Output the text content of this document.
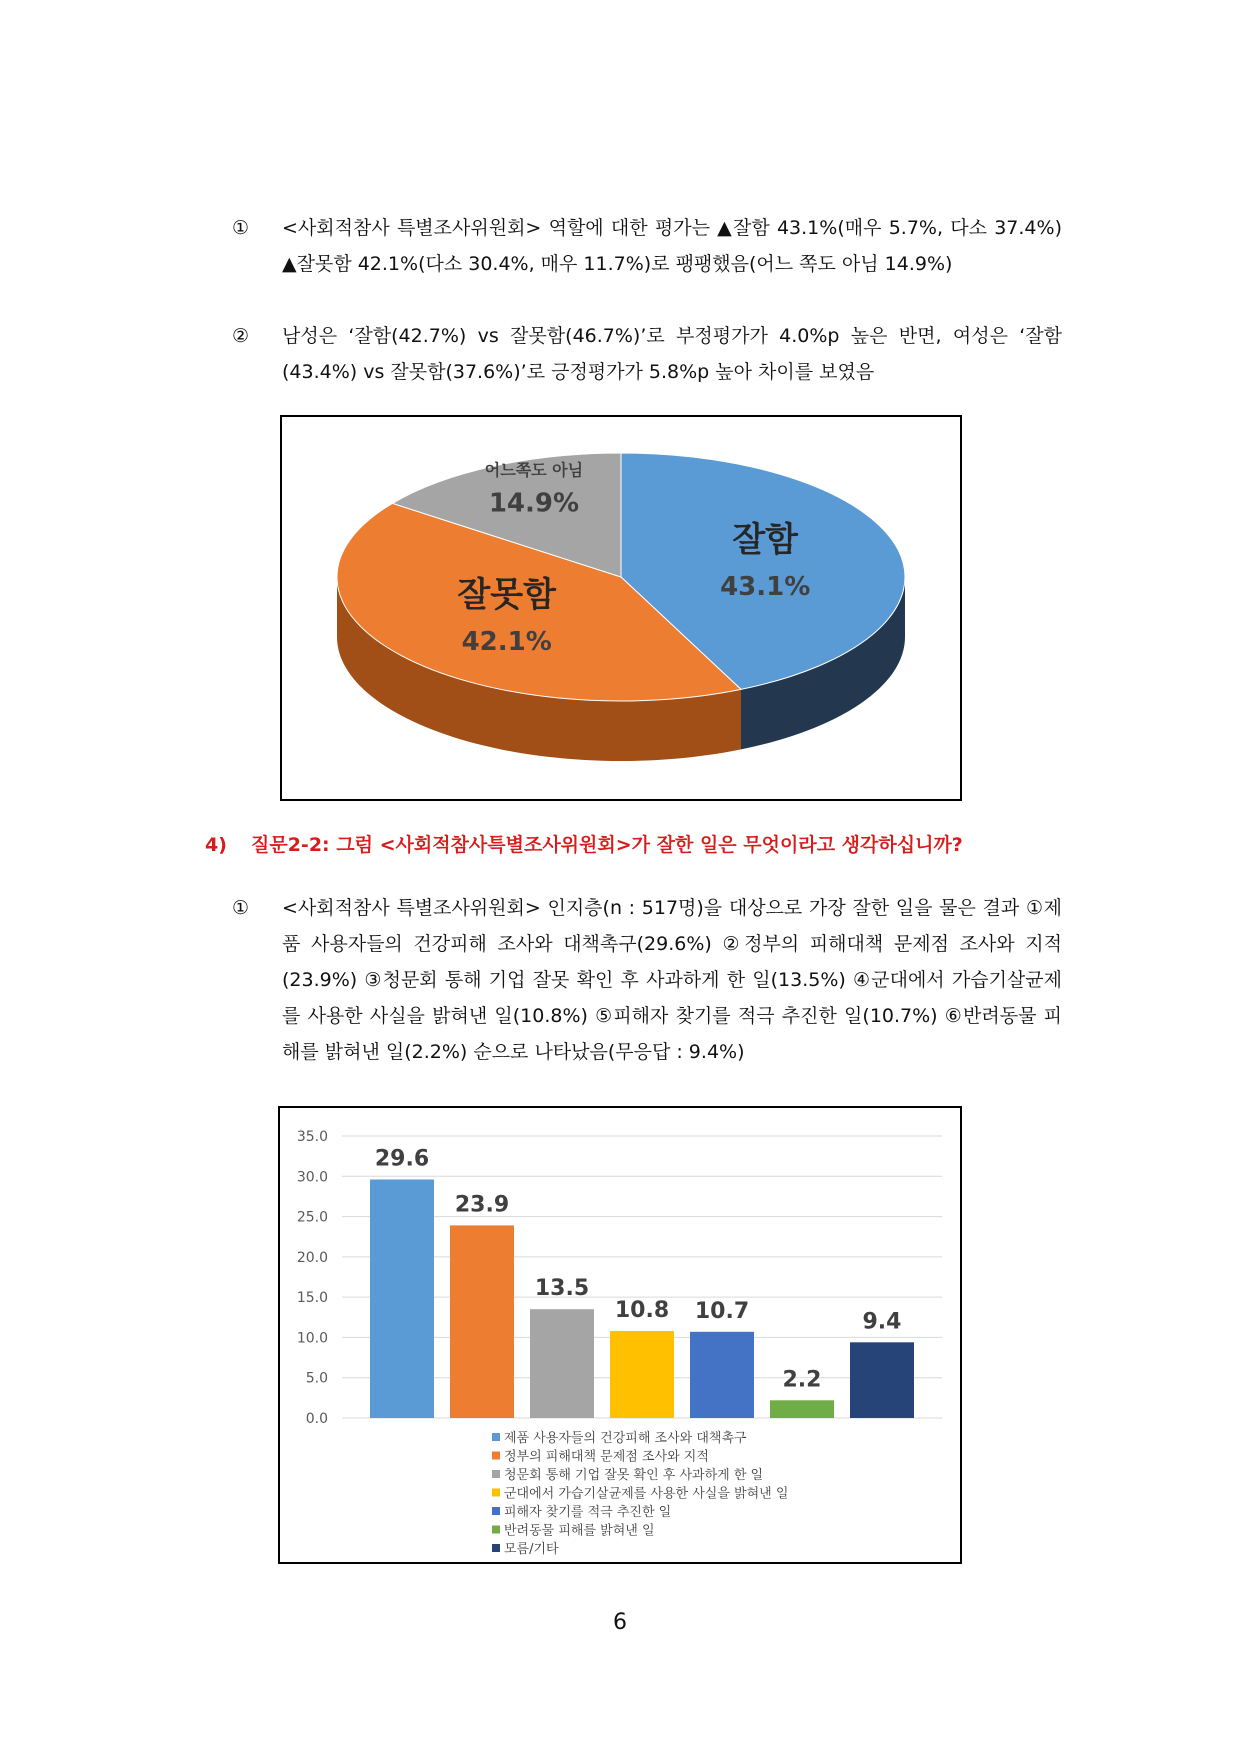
① <사회적참사 특별조사위원회> 역할에 대한 평가는 ▲잘함 43.1%(매우 5.7%, 다소 37.4%) ▲잘못함 42.1%(다소 30.4%, 매우 11.7%)로 팽팽했음(어느 쪽도 아님 14.9%)
② 남성은 ‘잘함(42.7%) vs 잘못함(46.7%)’로 부정평가가 4.0%p 높은 반면, 여성은 ‘잘함(43.4%) vs 잘못함(37.6%)’로 긍정평가가 5.8%p 높아 차이를 보였음
잘함
43.1%
잘못함
42.1%
어느쪽도 아님
14.9%
4) 질문2-2: 그럼 <사회적참사특별조사위원회>가 잘한 일은 무엇이라고 생각하십니까?
① <사회적참사 특별조사위원회> 인지층(n : 517명)을 대상으로 가장 잘한 일을 물은 결과 ①제품 사용자들의 건강피해 조사와 대책촉구(29.6%) ②정부의 피해대책 문제점 조사와 지적(23.9%) ③청문회 통해 기업 잘못 확인 후 사과하게 한 일(13.5%) ④군대에서 가습기살균제를 사용한 사실을 밝혀낸 일(10.8%) ⑤피해자 찾기를 적극 추진한 일(10.7%) ⑥반려동물 피해를 밝혀낸 일(2.2%) 순으로 나타났음(무응답 : 9.4%)
0.0
5.0
10.0
15.0
20.0
25.0
30.0
35.0
29.6
23.9
13.5
10.8 10.7
2.2
9.4
제품 사용자들의 건강피해 조사와 대책촉구
정부의 피해대책 문제점 조사와 지적
청문회 통해 기업 잘못 확인 후 사과하게 한 일
군대에서 가습기살균제를 사용한 사실을 밝혀낸 일
피해자 찾기를 적극 추진한 일
반려동물 피해를 밝혀낸 일
모름/기타
6
